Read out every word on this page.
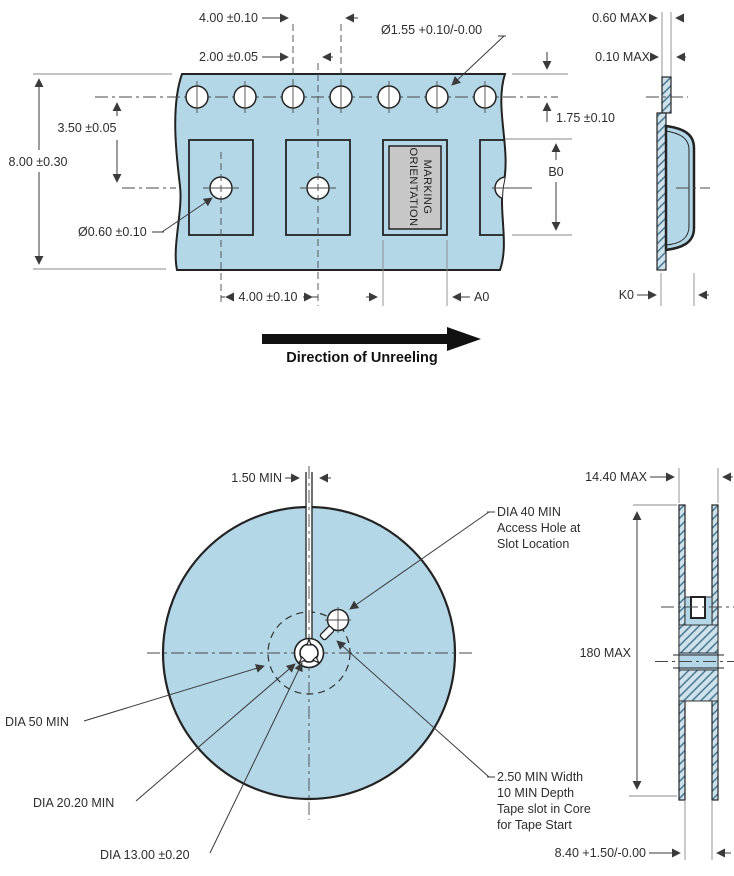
MARKING
ORIENTATION
4.00 ±0.10
2.00 ±0.05
Ø1.55 +0.10/-0.00
1.75 ±0.10
3.50 ±0.05
8.00 ±0.30
B0
Ø0.60 ±0.10
4.00 ±0.10	A0
0.60 MAX
0.10 MAX
K0
Direction of Unreeling
1.50 MIN
DIA 40 MIN
Access Hole at
Slot Location
2.50 MIN Width
10 MIN Depth
Tape slot in Core
for Tape Start
DIA 50 MIN
DIA 20.20 MIN
DIA 13.00 ±0.20
14.40 MAX
180 MAX
8.40 +1.50/-0.00
